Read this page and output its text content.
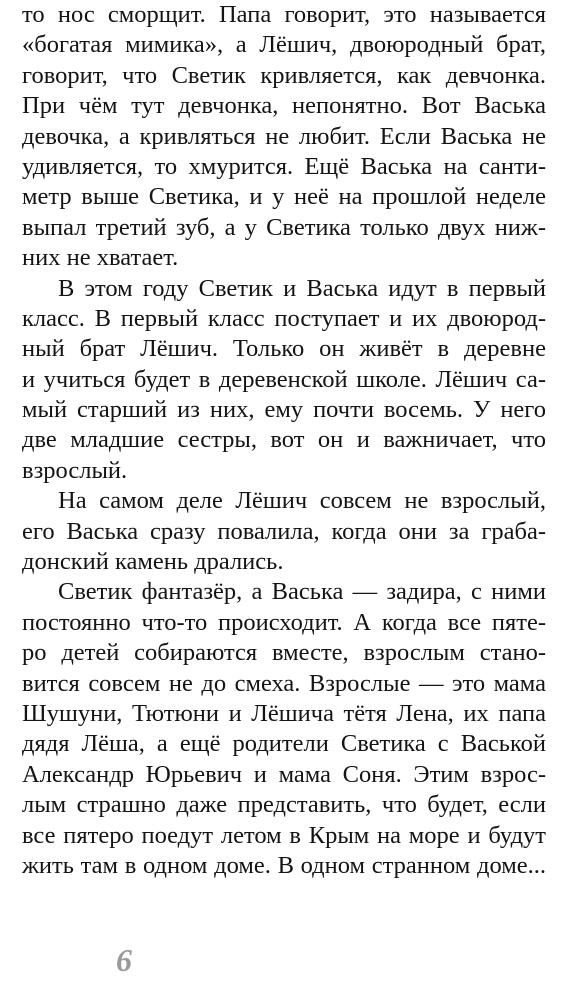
то нос сморщит. Папа говорит, это называется
«богатая мимика», а Лёшич, двоюродный брат,
говорит, что Светик кривляется, как девчонка.
При чём тут девчонка, непонятно. Вот Васька
девочка, а кривляться не любит. Если Васька не
удивляется, то хмурится. Ещё Васька на санти-
метр выше Светика, и у неё на прошлой неделе
выпал третий зуб, а у Светика только двух ниж-
них не хватает.
В этом году Светик и Васька идут в первый
класс. В первый класс поступает и их двоюрод-
ный брат Лёшич. Только он живёт в деревне
и учиться будет в деревенской школе. Лёшич са-
мый старший из них, ему почти восемь. У него
две младшие сестры, вот он и важничает, что
взрослый.
На самом деле Лёшич совсем не взрослый,
его Васька сразу повалила, когда они за граба-
донский камень дрались.
Светик фантазёр, а Васька — задира, с ними
постоянно что-то происходит. А когда все пяте-
ро детей собираются вместе, взрослым стано-
вится совсем не до смеха. Взрослые — это мама
Шушуни, Тютюни и Лёшича тётя Лена, их папа
дядя Лёша, а ещё родители Светика с Васькой
Александр Юрьевич и мама Соня. Этим взрос-
лым страшно даже представить, что будет, если
все пятеро поедут летом в Крым на море и будут
жить там в одном доме. В одном странном доме...
6
